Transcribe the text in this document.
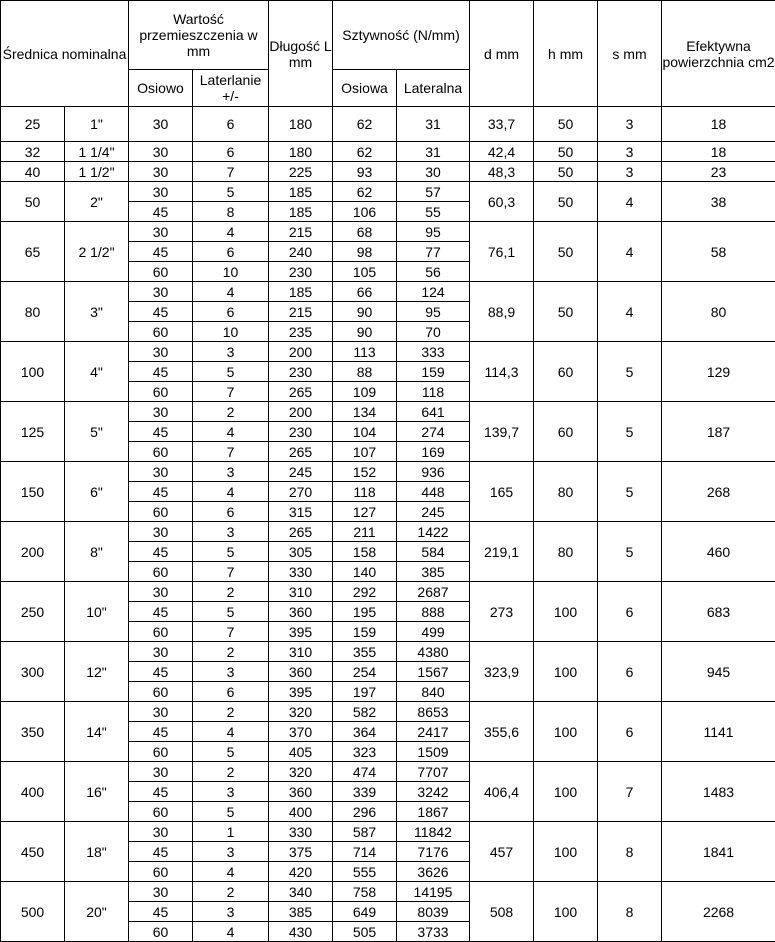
Średnica nominalna		Wartość przemieszczenia w mm		Długość L mm	Sztywność (N/mm)		d mm	h mm	s mm	Efektywna powierzchnia cm2
		Osiowo	Laterlanie +/-		Osiowa	Lateralna				
25	1"	30	6	180	62	31	33,7	50	3	18
32	1 1/4"	30	6	180	62	31	42,4	50	3	18
40	1 1/2"	30	7	225	93	30	48,3	50	3	23
50	2"	30	5	185	62	57	60,3	50	4	38
		45	8	185	106	55				
65	2 1/2"	30	4	215	68	95	76,1	50	4	58
		45	6	240	98	77				
		60	10	230	105	56				
80	3"	30	4	185	66	124	88,9	50	4	80
		45	6	215	90	95				
		60	10	235	90	70				
100	4"	30	3	200	113	333	114,3	60	5	129
		45	5	230	88	159				
		60	7	265	109	118				
125	5"	30	2	200	134	641	139,7	60	5	187
		45	4	230	104	274				
		60	7	265	107	169				
150	6"	30	3	245	152	936	165	80	5	268
		45	4	270	118	448				
		60	6	315	127	245				
200	8"	30	3	265	211	1422	219,1	80	5	460
		45	5	305	158	584				
		60	7	330	140	385				
250	10"	30	2	310	292	2687	273	100	6	683
		45	5	360	195	888				
		60	7	395	159	499				
300	12"	30	2	310	355	4380	323,9	100	6	945
		45	3	360	254	1567				
		60	6	395	197	840				
350	14"	30	2	320	582	8653	355,6	100	6	1141
		45	4	370	364	2417				
		60	5	405	323	1509				
400	16"	30	2	320	474	7707	406,4	100	7	1483
		45	3	360	339	3242				
		60	5	400	296	1867				
450	18"	30	1	330	587	11842	457	100	8	1841
		45	3	375	714	7176				
		60	4	420	555	3626				
500	20"	30	2	340	758	14195	508	100	8	2268
		45	3	385	649	8039				
		60	4	430	505	3733				
